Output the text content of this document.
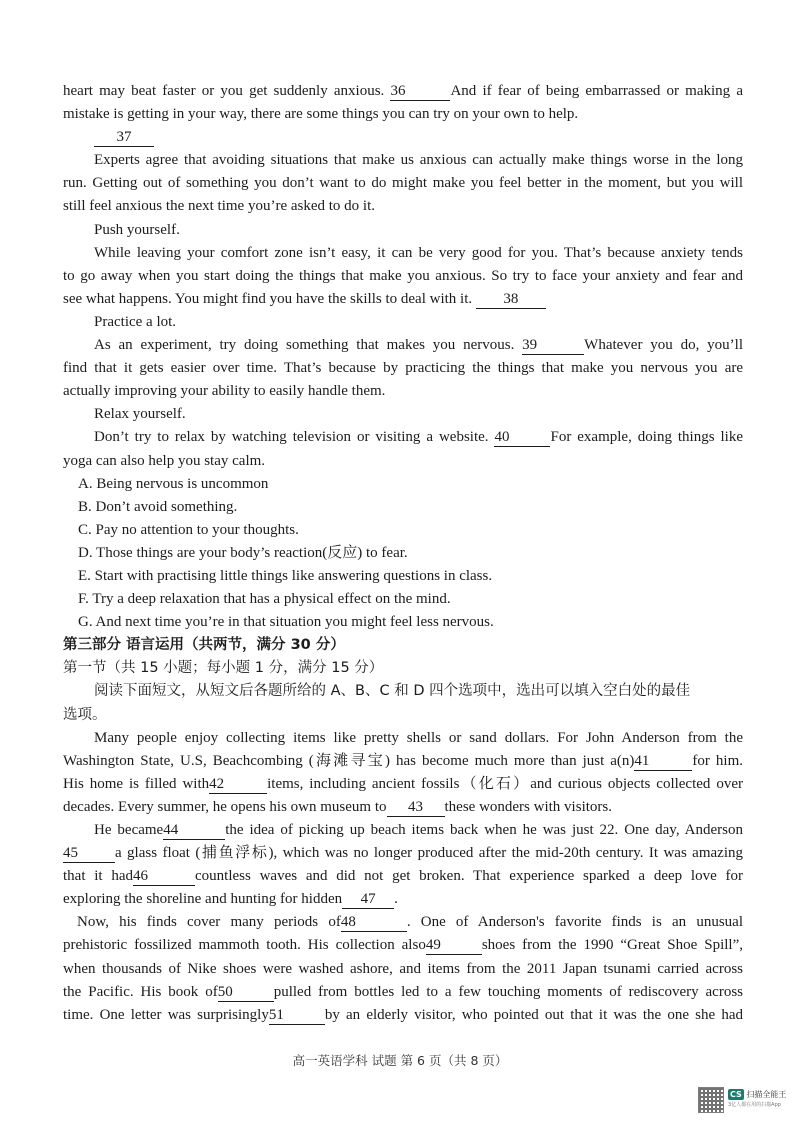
heart may beat faster or you get suddenly anxious. 36	And if fear of being embarrassed or making a

mistake is getting in your way, there are some things you can try on your own to help.

37

Experts agree that avoiding situations that make us anxious can actually make things worse in the long

run. Getting out of something you don’t want to do might make you feel better in the moment, but you will

still feel anxious the next time you’re asked to do it.

Push yourself.

While leaving your comfort zone isn’t easy, it can be very good for you. That’s because anxiety tends

to go away when you start doing the things that make you anxious. So try to face your anxiety and fear and

see what happens. You might find you have the skills to deal with it. 38

Practice a lot.

As an experiment, try doing something that makes you nervous. 39	Whatever you do, you’ll

find that it gets easier over time. That’s because by practicing the things that make you nervous you are

actually improving your ability to easily handle them.

Relax yourself.

Don’t try to relax by watching television or visiting a website. 40	For example, doing things like

yoga can also help you stay calm.

A. Being nervous is uncommon

B. Don’t avoid something.

C. Pay no attention to your thoughts.

D. Those things are your body’s reaction(反应) to fear.

E. Start with practising little things like answering questions in class.

F. Try a deep relaxation that has a physical effect on the mind.

G. And next time you’re in that situation you might feel less nervous.

第三部分 语言运用（共两节，满分 30 分）

第一节（共 15 小题；每小题 1 分，满分 15 分）

阅读下面短文，从短文后各题所给的 A、B、C 和 D 四个选项中，选出可以填入空白处的最佳

选项。

Many people enjoy collecting items like pretty shells or sand dollars. For John Anderson from the

Washington State, U.S, Beachcombing (海滩寻宝) has become much more than just a(n)41	for him.

His home is filled with42	items, including ancient fossils（化石）and curious objects collected over

decades. Every summer, he opens his own museum to 43 these wonders with visitors.

He became44	the idea of picking up beach items back when he was just 22. One day, Anderson

45 a glass float (捕鱼浮标), which was no longer produced after the mid-20th century. It was amazing

that it had46	countless waves and did not get broken. That experience sparked a deep love for

exploring the shoreline and hunting for hidden 47 .

Now, his finds cover many periods of48	. One of Anderson's favorite finds is an unusual

prehistoric fossilized mammoth tooth. His collection also49	shoes from the 1990 “Great Shoe Spill”,

when thousands of Nike shoes were washed ashore, and items from the 2011 Japan tsunami carried across

the Pacific. His book of50	pulled from bottles led to a few touching moments of rediscovery across

time. One letter was surprisingly51	by an elderly visitor, who pointed out that it was the one she had

高一英语学科 试题 第 6 页（共 8 页）
CS 扫描全能王
3亿人都在用的扫描App
